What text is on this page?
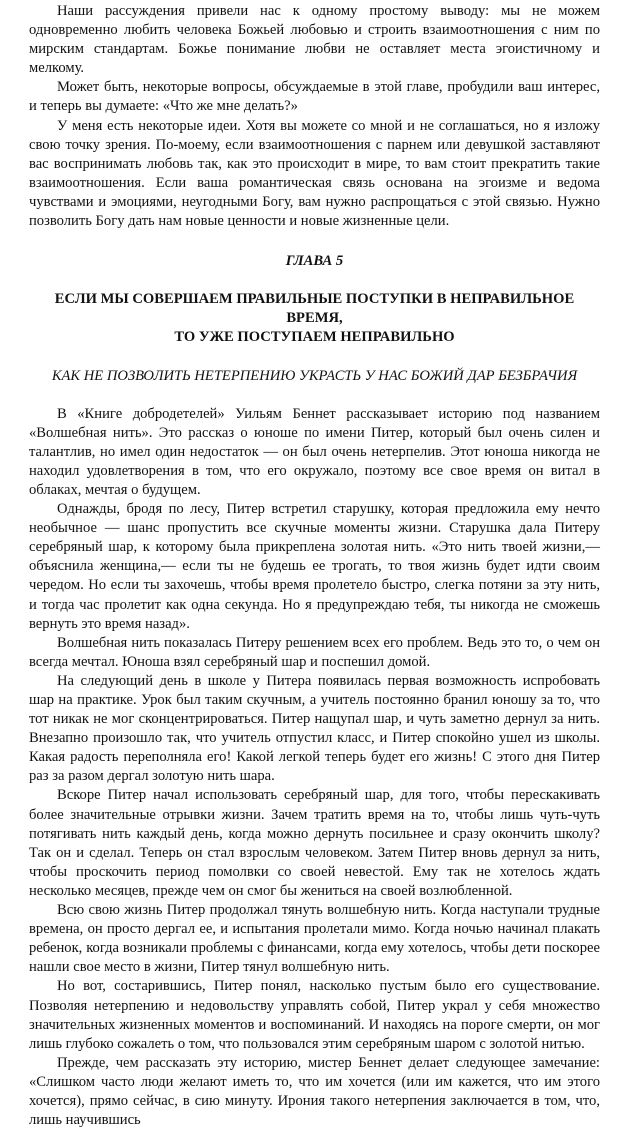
Наши рассуждения привели нас к одному простому выводу: мы не можем одновременно любить человека Божьей любовью и строить взаимоотношения с ним по мирским стандартам. Божье понимание любви не оставляет места эгоистичному и мелкому.

Может быть, некоторые вопросы, обсуждаемые в этой главе, пробудили ваш интерес, и теперь вы думаете: «Что же мне делать?»

У меня есть некоторые идеи. Хотя вы можете со мной и не соглашаться, но я изложу свою точку зрения. По-моему, если взаимоотношения с парнем или девушкой заставляют вас воспринимать любовь так, как это происходит в мире, то вам стоит прекратить такие взаимоотношения. Если ваша романтическая связь основана на эгоизме и ведома чувствами и эмоциями, неугодными Богу, вам нужно распрощаться с этой связью. Нужно позволить Богу дать нам новые ценности и новые жизненные цели.

ГЛАВА 5
ЕСЛИ МЫ СОВЕРШАЕМ ПРАВИЛЬНЫЕ ПОСТУПКИ В НЕПРАВИЛЬНОЕ ВРЕМЯ,
ТО УЖЕ ПОСТУПАЕМ НЕПРАВИЛЬНО
КАК НЕ ПОЗВОЛИТЬ НЕТЕРПЕНИЮ УКРАСТЬ У НАС БОЖИЙ ДАР БЕЗБРАЧИЯ

В «Книге добродетелей» Уильям Беннет рассказывает историю под названием «Волшебная нить». Это рассказ о юноше по имени Питер, который был очень силен и талантлив, но имел один недостаток — он был очень нетерпелив. Этот юноша никогда не находил удовлетворения в том, что его окружало, поэтому все свое время он витал в облаках, мечтая о будущем.

Однажды, бродя по лесу, Питер встретил старушку, которая предложила ему нечто необычное — шанс пропустить все скучные моменты жизни. Старушка дала Питеру серебряный шар, к которому была прикреплена золотая нить. «Это нить твоей жизни,— объяснила женщина,— если ты не будешь ее трогать, то твоя жизнь будет идти своим чередом. Но если ты захочешь, чтобы время пролетело быстро, слегка потяни за эту нить, и тогда час пролетит как одна секунда. Но я предупреждаю тебя, ты никогда не сможешь вернуть это время назад».

Волшебная нить показалась Питеру решением всех его проблем. Ведь это то, о чем он всегда мечтал. Юноша взял серебряный шар и поспешил домой.

На следующий день в школе у Питера появилась первая возможность испробовать шар на практике. Урок был таким скучным, а учитель постоянно бранил юношу за то, что тот никак не мог сконцентрироваться. Питер нащупал шар, и чуть заметно дернул за нить. Внезапно произошло так, что учитель отпустил класс, и Питер спокойно ушел из школы. Какая радость переполняла его! Какой легкой теперь будет его жизнь! С этого дня Питер раз за разом дергал золотую нить шара.

Вскоре Питер начал использовать серебряный шар, для того, чтобы перескакивать более значительные отрывки жизни. Зачем тратить время на то, чтобы лишь чуть-чуть потягивать нить каждый день, когда можно дернуть посильнее и сразу окончить школу? Так он и сделал. Теперь он стал взрослым человеком. Затем Питер вновь дернул за нить, чтобы проскочить период помолвки со своей невестой. Ему так не хотелось ждать несколько месяцев, прежде чем он смог бы жениться на своей возлюбленной.

Всю свою жизнь Питер продолжал тянуть волшебную нить. Когда наступали трудные времена, он просто дергал ее, и испытания пролетали мимо. Когда ночью начинал плакать ребенок, когда возникали проблемы с финансами, когда ему хотелось, чтобы дети поскорее нашли свое место в жизни, Питер тянул волшебную нить.

Но вот, состарившись, Питер понял, насколько пустым было его существование. Позволяя нетерпению и недовольству управлять собой, Питер украл у себя множество значительных жизненных моментов и воспоминаний. И находясь на пороге смерти, он мог лишь глубоко сожалеть о том, что пользовался этим серебряным шаром с золотой нитью.

Прежде, чем рассказать эту историю, мистер Беннет делает следующее замечание: «Слишком часто люди желают иметь то, что им хочется (или им кажется, что им этого хочется), прямо сейчас, в сию минуту. Ирония такого нетерпения заключается в том, что, лишь научившись
